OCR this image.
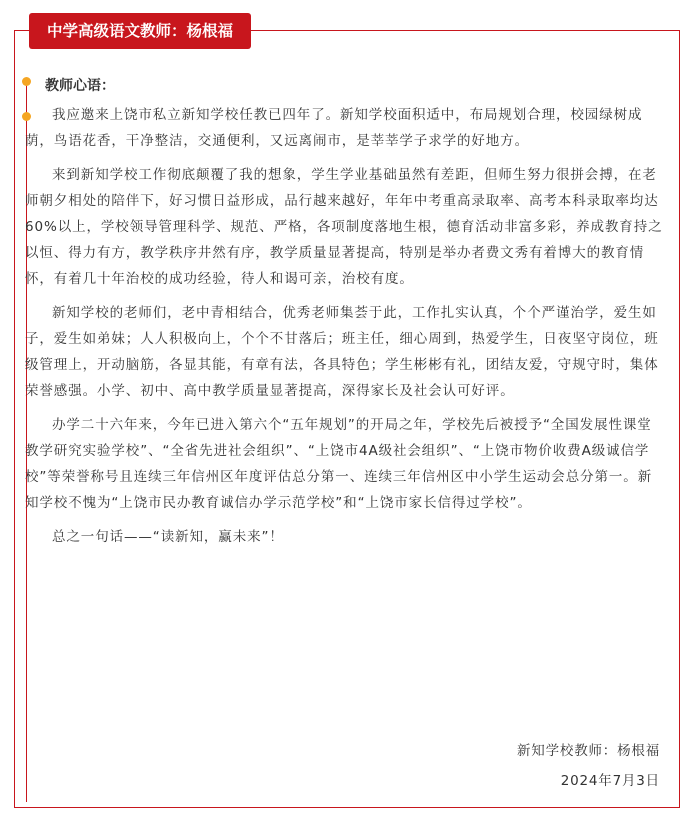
中学高级语文教师：杨根福
教师心语：

我应邀来上饶市私立新知学校任教已四年了。新知学校面积适中，布局规划合理，校园绿树成荫，鸟语花香，干净整洁，交通便利，又远离闹市，是莘莘学子求学的好地方。

来到新知学校工作彻底颠覆了我的想象，学生学业基础虽然有差距，但师生努力很拼会搏，在老师朝夕相处的陪伴下，好习惯日益形成，品行越来越好，年年中考重高录取率、高考本科录取率均达60%以上，学校领导管理科学、规范、严格，各项制度落地生根，德育活动非富多彩，养成教育持之以恒、得力有方，教学秩序井然有序，教学质量显著提高，特别是举办者费文秀有着博大的教育情怀，有着几十年治校的成功经验，待人和谒可亲，治校有度。

新知学校的老师们，老中青相结合，优秀老师集荟于此，工作扎实认真，个个严谨治学，爱生如子，爱生如弟妹；人人积极向上，个个不甘落后；班主任，细心周到，热爱学生，日夜坚守岗位，班级管理上，开动脑筋，各显其能，有章有法，各具特色；学生彬彬有礼，团结友爱，守规守时，集体荣誉感强。小学、初中、高中教学质量显著提高，深得家长及社会认可好评。

办学二十六年来，今年已进入第六个“五年规划”的开局之年，学校先后被授予“全国发展性课堂教学研究实验学校”、“全省先进社会组织”、“上饶市4A级社会组织”、“上饶市物价收费A级诚信学校”等荣誉称号且连续三年信州区年度评估总分第一、连续三年信州区中小学生运动会总分第一。新知学校不愧为“上饶市民办教育诚信办学示范学校”和“上饶市家长信得过学校”。

总之一句话——“读新知，赢未来”！

新知学校教师：杨根福
2024年7月3日
